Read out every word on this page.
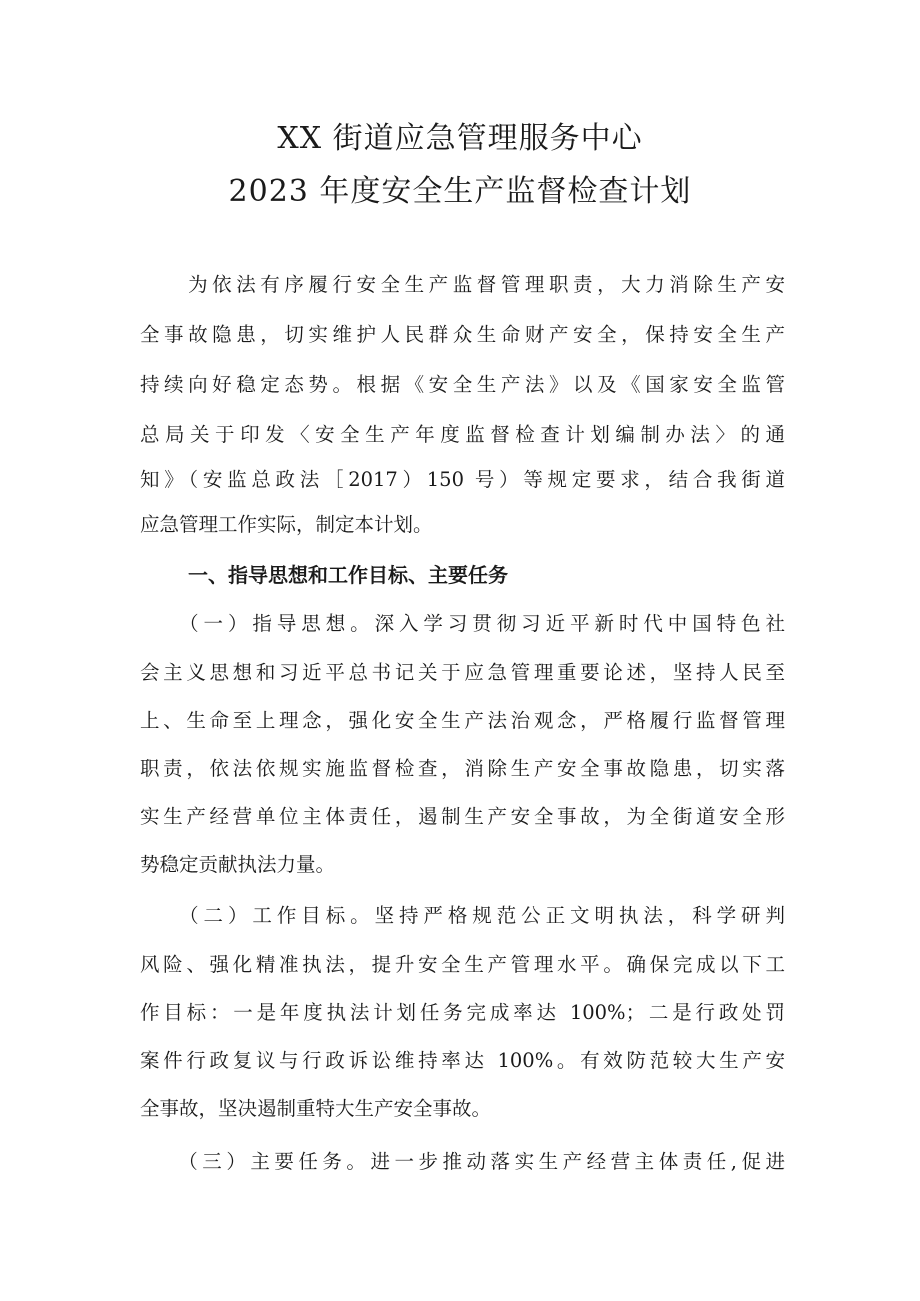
XX 街道应急管理服务中心
2023 年度安全生产监督检查计划
　　为依法有序履行安全生产监督管理职责，大力消除生产安
全事故隐患，切实维护人民群众生命财产安全，保持安全生产
持续向好稳定态势。根据《安全生产法》以及《国家安全监管
总局关于印发〈安全生产年度监督检查计划编制办法〉的通
知》（安监总政法［2017）150 号）等规定要求，结合我街道
应急管理工作实际，制定本计划。
一、指导思想和工作目标、主要任务
　　（一）指导思想。深入学习贯彻习近平新时代中国特色社
会主义思想和习近平总书记关于应急管理重要论述，坚持人民至
上、生命至上理念，强化安全生产法治观念，严格履行监督管理
职责，依法依规实施监督检查，消除生产安全事故隐患，切实落
实生产经营单位主体责任，遏制生产安全事故，为全街道安全形
势稳定贡献执法力量。
　　（二）工作目标。坚持严格规范公正文明执法，科学研判
风险、强化精准执法，提升安全生产管理水平。确保完成以下工
作目标：一是年度执法计划任务完成率达 100%；二是行政处罚
案件行政复议与行政诉讼维持率达 100%。有效防范较大生产安
全事故，坚决遏制重特大生产安全事故。
　　（三）主要任务。进一步推动落实生产经营主体责任,促进
